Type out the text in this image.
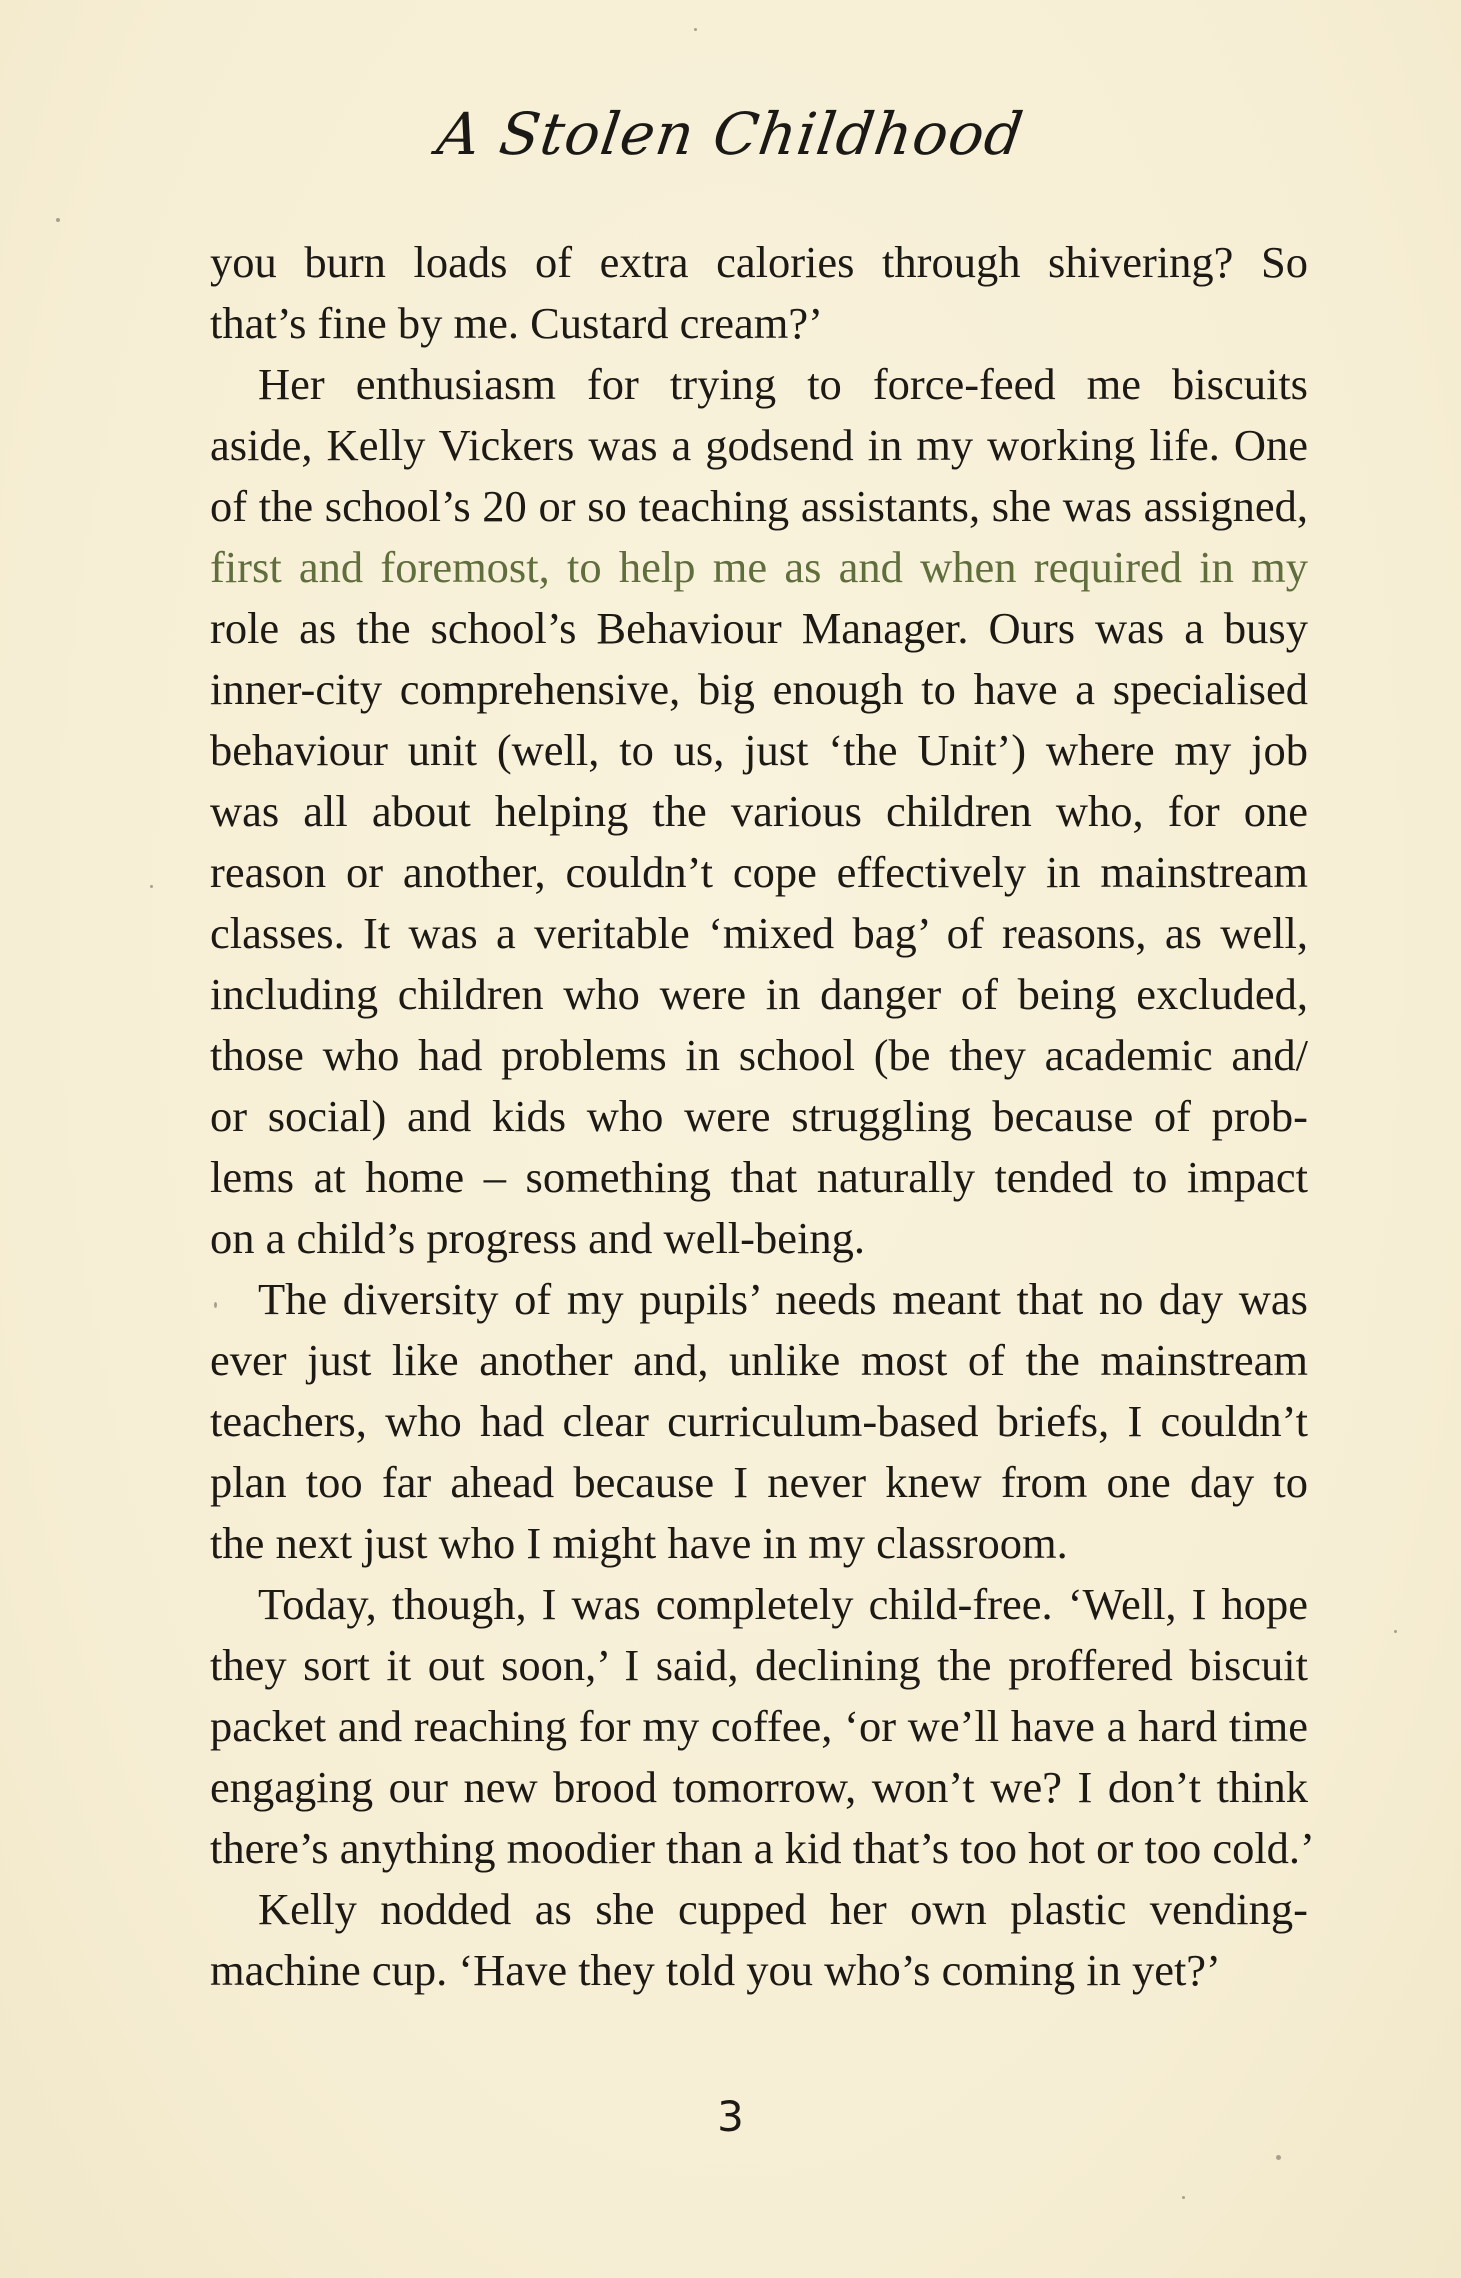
A Stolen Childhood
you burn loads of extra calories through shivering? So
that’s fine by me. Custard cream?’
Her enthusiasm for trying to force-feed me biscuits
aside, Kelly Vickers was a godsend in my working life. One
of the school’s 20 or so teaching assistants, she was assigned,
first and foremost, to help me as and when required in my
role as the school’s Behaviour Manager. Ours was a busy
inner-city comprehensive, big enough to have a specialised
behaviour unit (well, to us, just ‘the Unit’) where my job
was all about helping the various children who, for one
reason or another, couldn’t cope effectively in mainstream
classes. It was a veritable ‘mixed bag’ of reasons, as well,
including children who were in danger of being excluded,
those who had problems in school (be they academic and/
or social) and kids who were struggling because of prob-
lems at home – something that naturally tended to impact
on a child’s progress and well-being.
The diversity of my pupils’ needs meant that no day was
ever just like another and, unlike most of the mainstream
teachers, who had clear curriculum-based briefs, I couldn’t
plan too far ahead because I never knew from one day to
the next just who I might have in my classroom.
Today, though, I was completely child-free. ‘Well, I hope
they sort it out soon,’ I said, declining the proffered biscuit
packet and reaching for my coffee, ‘or we’ll have a hard time
engaging our new brood tomorrow, won’t we? I don’t think
there’s anything moodier than a kid that’s too hot or too cold.’
Kelly nodded as she cupped her own plastic vending-
machine cup. ‘Have they told you who’s coming in yet?’
3
